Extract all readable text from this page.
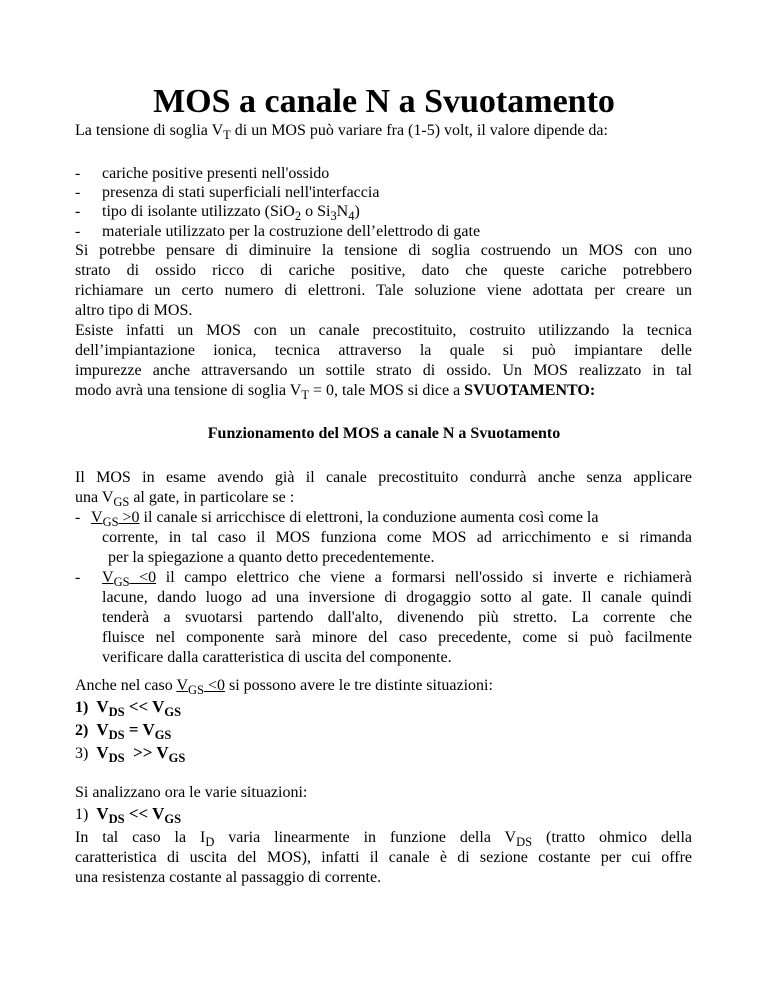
MOS a canale N a Svuotamento
La tensione di soglia $V_T$ di un MOS può variare fra (1-5) volt, il valore dipende da:
- cariche positive presenti nell'ossido
- presenza di stati superficiali nell'interfaccia
- tipo di isolante utilizzato (SiO$_2$ o $Si_3N_4$)
- materiale utilizzato per la costruzione dell’elettrodo di gate
Si potrebbe pensare di diminuire la tensione di soglia costruendo un MOS con uno
strato di ossido ricco di cariche positive, dato che queste cariche potrebbero
richiamare un certo numero di elettroni. Tale soluzione viene adottata per creare un
altro tipo di MOS.
Esiste infatti un MOS con un canale precostituito, costruito utilizzando la tecnica
dell’impiantazione ionica, tecnica attraverso la quale si può impiantare delle
impurezze anche attraversando un sottile strato di ossido. Un MOS realizzato in tal
modo avrà una tensione di soglia $V_T = 0$, tale MOS si dice a SVUOTAMENTO:
Funzionamento del MOS a canale N a Svuotamento
Il MOS in esame avendo già il canale precostituito condurrà anche senza applicare
una $V_{GS}$ al gate, in particolare se :
- $V_{GS} >0$ il canale si arricchisce di elettroni, la conduzione aumenta così come la
corrente, in tal caso il MOS funziona come MOS ad arricchimento e si rimanda
per la spiegazione a quanto detto precedentemente.
- $V_{GS} <0$ il campo elettrico che viene a formarsi nell'ossido si inverte e richiamerà
lacune, dando luogo ad una inversione di drogaggio sotto al gate. Il canale quindi
tenderà a svuotarsi partendo dall'alto, divenendo più stretto. La corrente che
fluisce nel componente sarà minore del caso precedente, come si può facilmente
verificare dalla caratteristica di uscita del componente.
Anche nel caso $V_{GS} <0$ si possono avere le tre distinte situazioni:
1) $V_{DS} << V_{GS}$
2) $V_{DS} = V_{GS}$
3) $V_{DS} >> V_{GS}$
Si analizzano ora le varie situazioni:
1) $V_{DS} << V_{GS}$
In tal caso la $I_D$ varia linearmente in funzione della $V_{DS}$ (tratto ohmico della
caratteristica di uscita del MOS), infatti il canale è di sezione costante per cui offre
una resistenza costante al passaggio di corrente.
